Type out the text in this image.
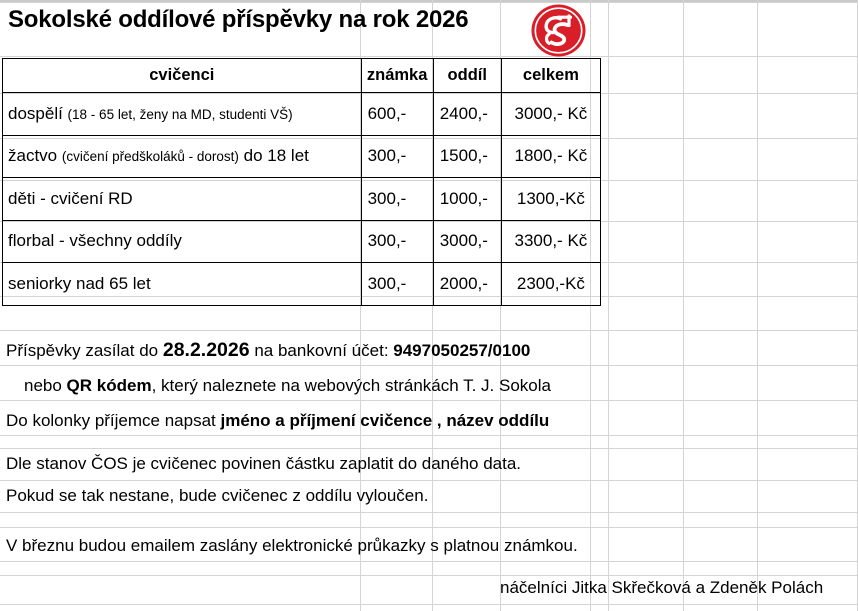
Sokolské oddílové příspěvky na rok 2026
cvičenci	známka	oddíl	celkem
dospělí (18 - 65 let, ženy na MD, studenti VŠ)	600,-	2400,-	3000,- Kč
žactvo (cvičení předškoláků - dorost) do 18 let	300,-	1500,-	1800,- Kč
děti - cvičení RD	300,-	1000,-	1300,-Kč
florbal - všechny oddíly	300,-	3000,-	3300,- Kč
seniorky nad 65 let	300,-	2000,-	2300,-Kč
Příspěvky zasílat do 28.2.2026 na bankovní účet: 9497050257/0100
nebo QR kódem, který naleznete na webových stránkách T. J. Sokola
Do kolonky příjemce napsat jméno a příjmení cvičence , název oddílu
Dle stanov ČOS je cvičenec povinen částku zaplatit do daného data.
Pokud se tak nestane, bude cvičenec z oddílu vyloučen.
V březnu budou emailem zaslány elektronické průkazky s platnou známkou.
náčelníci Jitka Skřečková a Zdeněk Polách
